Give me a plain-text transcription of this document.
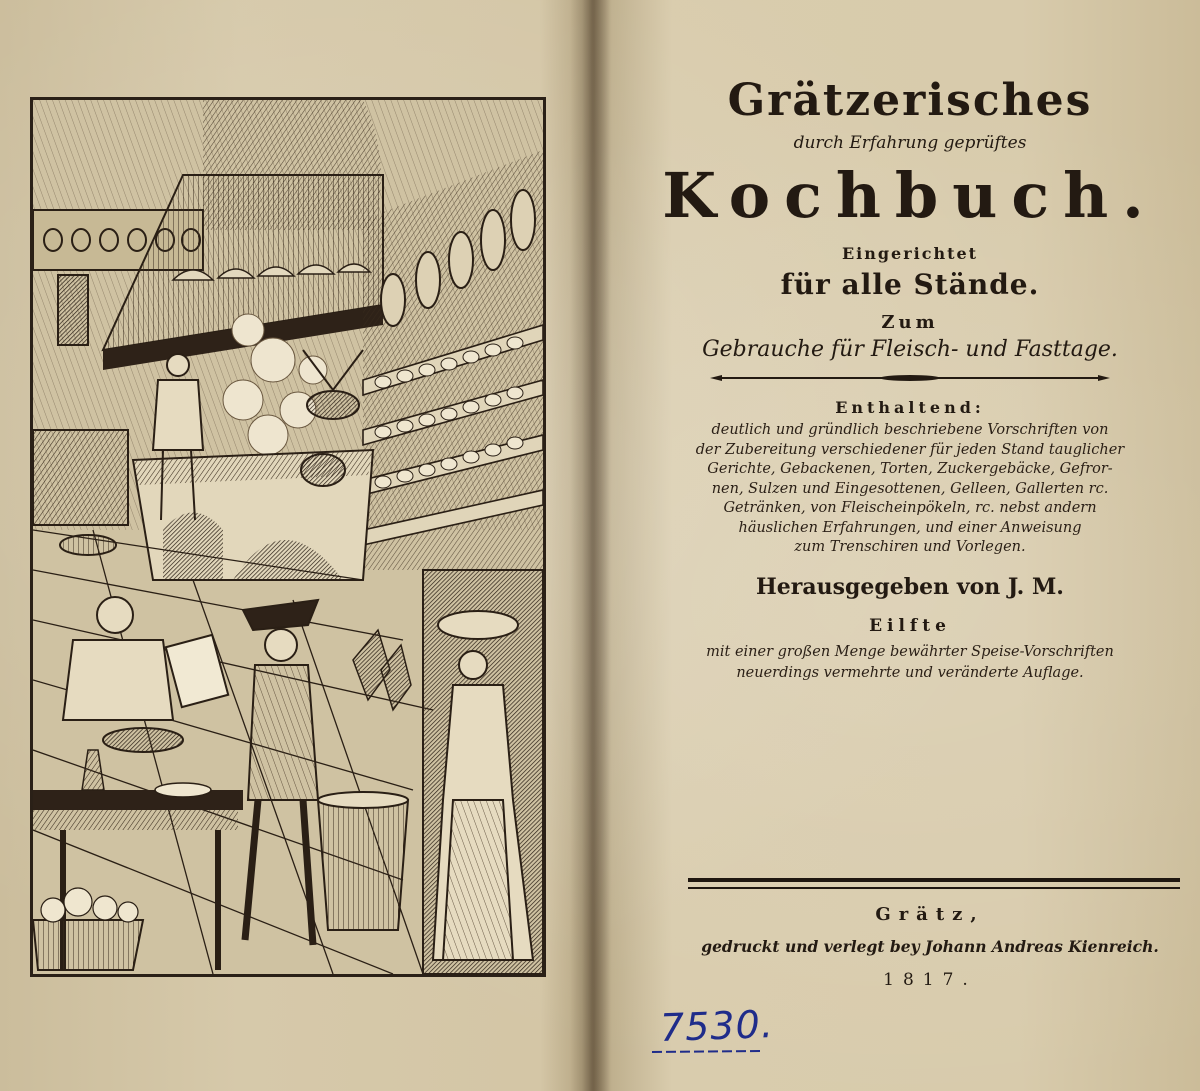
Grätzerisches

durch Erfahrung geprüftes

Kochbuch.

Eingerichtet

für alle Stände.

Zum

Gebrauche für Fleisch- und Fasttage.

Enthaltend:

deutlich und gründlich beschriebene Vorschriften von
der Zubereitung verschiedener für jeden Stand tauglicher
Gerichte, Gebackenen, Torten, Zuckergebäcke, Gefror-
nen, Sulzen und Eingesottenen, Gelleen, Gallerten rc.
Getränken, von Fleischeinpökeln, rc. nebst andern
häuslichen Erfahrungen, und einer Anweisung
zum Trenschiren und Vorlegen.

Herausgegeben von J. M.

Eilfte

mit einer großen Menge bewährter Speise-Vorschriften
neuerdings vermehrte und veränderte Auflage.

Grätz,

gedruckt und verlegt bey Johann Andreas Kienreich.

1817.

7530.
